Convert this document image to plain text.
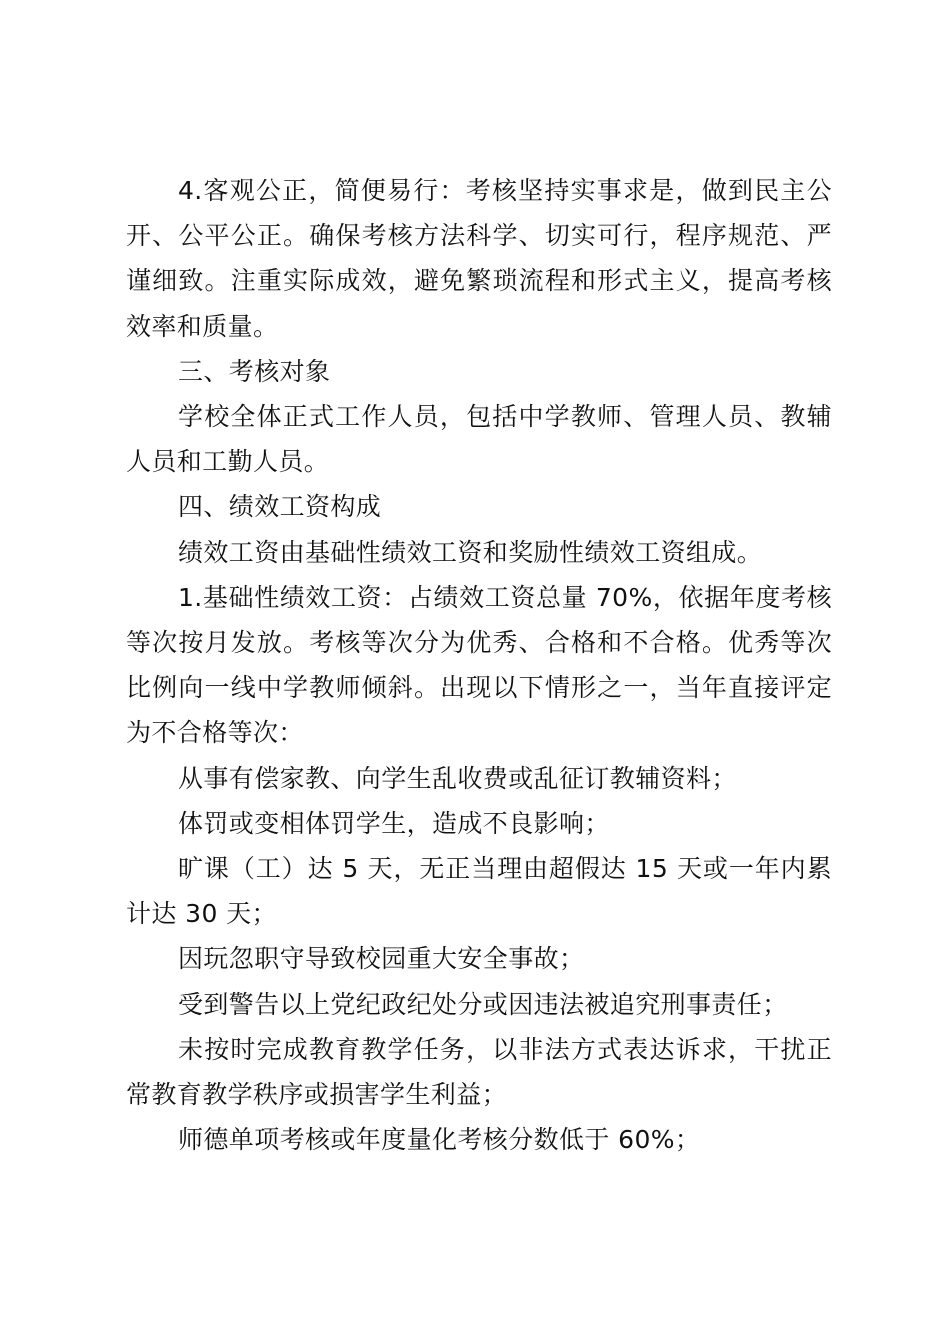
4.客观公正，简便易行：考核坚持实事求是，做到民主公开、公平公正。确保考核方法科学、切实可行，程序规范、严谨细致。注重实际成效，避免繁琐流程和形式主义，提高考核效率和质量。

三、考核对象

学校全体正式工作人员，包括中学教师、管理人员、教辅人员和工勤人员。

四、绩效工资构成

绩效工资由基础性绩效工资和奖励性绩效工资组成。

1.基础性绩效工资：占绩效工资总量 70%，依据年度考核等次按月发放。考核等次分为优秀、合格和不合格。优秀等次比例向一线中学教师倾斜。出现以下情形之一，当年直接评定为不合格等次：

从事有偿家教、向学生乱收费或乱征订教辅资料；

体罚或变相体罚学生，造成不良影响；

旷课（工）达 5 天，无正当理由超假达 15 天或一年内累计达 30 天；

因玩忽职守导致校园重大安全事故；

受到警告以上党纪政纪处分或因违法被追究刑事责任；

未按时完成教育教学任务，以非法方式表达诉求，干扰正常教育教学秩序或损害学生利益；

师德单项考核或年度量化考核分数低于 60%；
